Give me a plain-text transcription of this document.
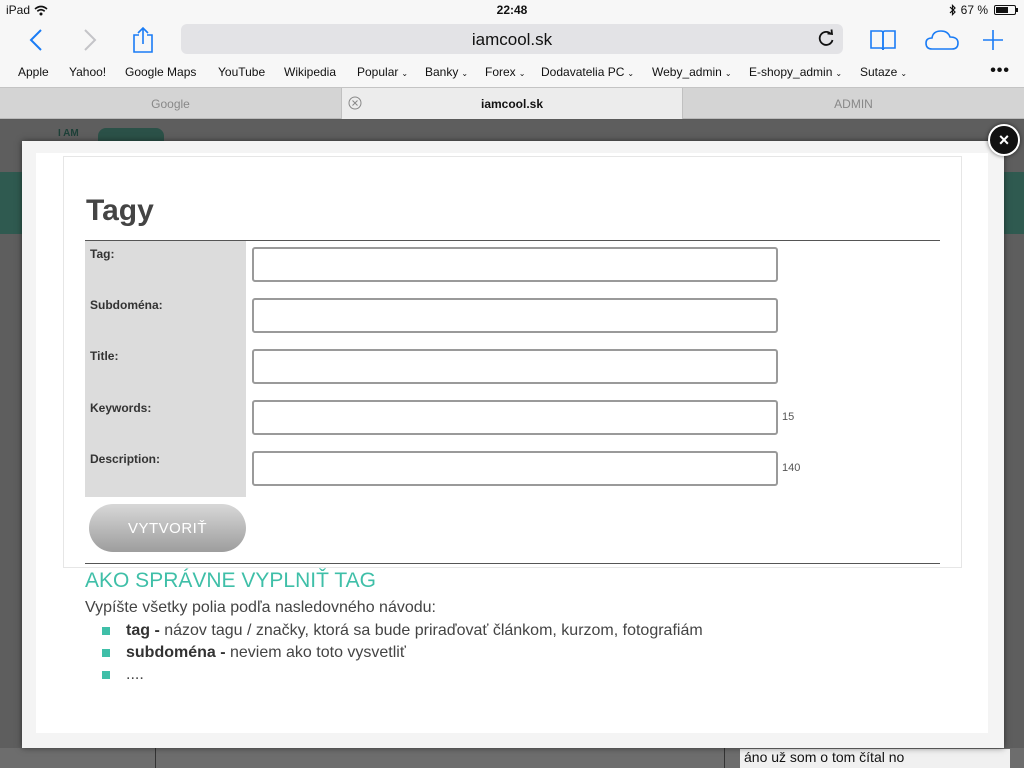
iPad	22:48	67 %
iamcool.sk
•••
Apple Yahoo! Google Maps YouTube Wikipedia Popular ⌄ Banky ⌄ Forex ⌄ Dodavatelia PC ⌄ Weby_admin ⌄ E-shopy_admin ⌄ Sutaze ⌄
Google	iamcool.sk	ADMIN
I AM
áno už som o tom čítal no
×
Tagy
Tag:
Subdoména:
Title:
Keywords:
15
Description:
140
VYTVORIŤ
AKO SPRÁVNE VYPLNIŤ TAG
Vypíšte všetky polia podľa nasledovného návodu:
tag - názov tagu / značky, ktorá sa bude priraďovať článkom, kurzom, fotografiám
subdoména - neviem ako toto vysvetliť
....
